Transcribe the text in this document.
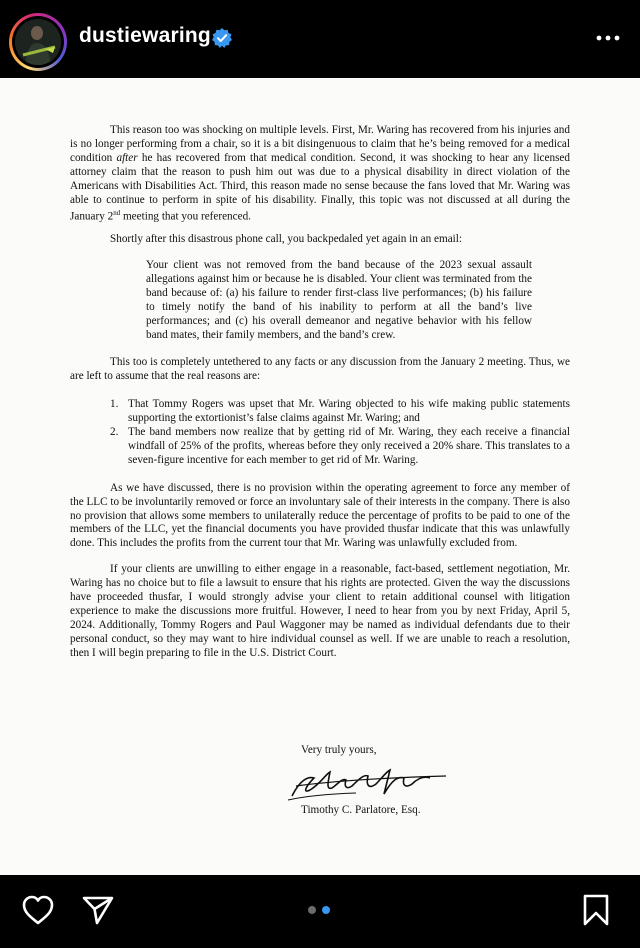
dustiewaring

This reason too was shocking on multiple levels. First, Mr. Waring has recovered from his injuries and is no longer performing from a chair, so it is a bit disingenuous to claim that he’s being removed for a medical condition after he has recovered from that medical condition. Second, it was shocking to hear any licensed attorney claim that the reason to push him out was due to a physical disability in direct violation of the Americans with Disabilities Act. Third, this reason made no sense because the fans loved that Mr. Waring was able to continue to perform in spite of his disability. Finally, this topic was not discussed at all during the January 2nd meeting that you referenced.

Shortly after this disastrous phone call, you backpedaled yet again in an email:

Your client was not removed from the band because of the 2023 sexual assault allegations against him or because he is disabled. Your client was terminated from the band because of: (a) his failure to render first-class live performances; (b) his failure to timely notify the band of his inability to perform at all the band’s live performances; and (c) his overall demeanor and negative behavior with his fellow band mates, their family members, and the band’s crew.

This too is completely untethered to any facts or any discussion from the January 2 meeting. Thus, we are left to assume that the real reasons are:

1. That Tommy Rogers was upset that Mr. Waring objected to his wife making public statements supporting the extortionist’s false claims against Mr. Waring; and
2. The band members now realize that by getting rid of Mr. Waring, they each receive a financial windfall of 25% of the profits, whereas before they only received a 20% share. This translates to a seven-figure incentive for each member to get rid of Mr. Waring.

As we have discussed, there is no provision within the operating agreement to force any member of the LLC to be involuntarily removed or force an involuntary sale of their interests in the company. There is also no provision that allows some members to unilaterally reduce the percentage of profits to be paid to one of the members of the LLC, yet the financial documents you have provided thusfar indicate that this was unlawfully done. This includes the profits from the current tour that Mr. Waring was unlawfully excluded from.

If your clients are unwilling to either engage in a reasonable, fact-based, settlement negotiation, Mr. Waring has no choice but to file a lawsuit to ensure that his rights are protected. Given the way the discussions have proceeded thusfar, I would strongly advise your client to retain additional counsel with litigation experience to make the discussions more fruitful. However, I need to hear from you by next Friday, April 5, 2024. Additionally, Tommy Rogers and Paul Waggoner may be named as individual defendants due to their personal conduct, so they may want to hire individual counsel as well. If we are unable to reach a resolution, then I will begin preparing to file in the U.S. District Court.

Very truly yours,
Timothy C. Parlatore, Esq.
